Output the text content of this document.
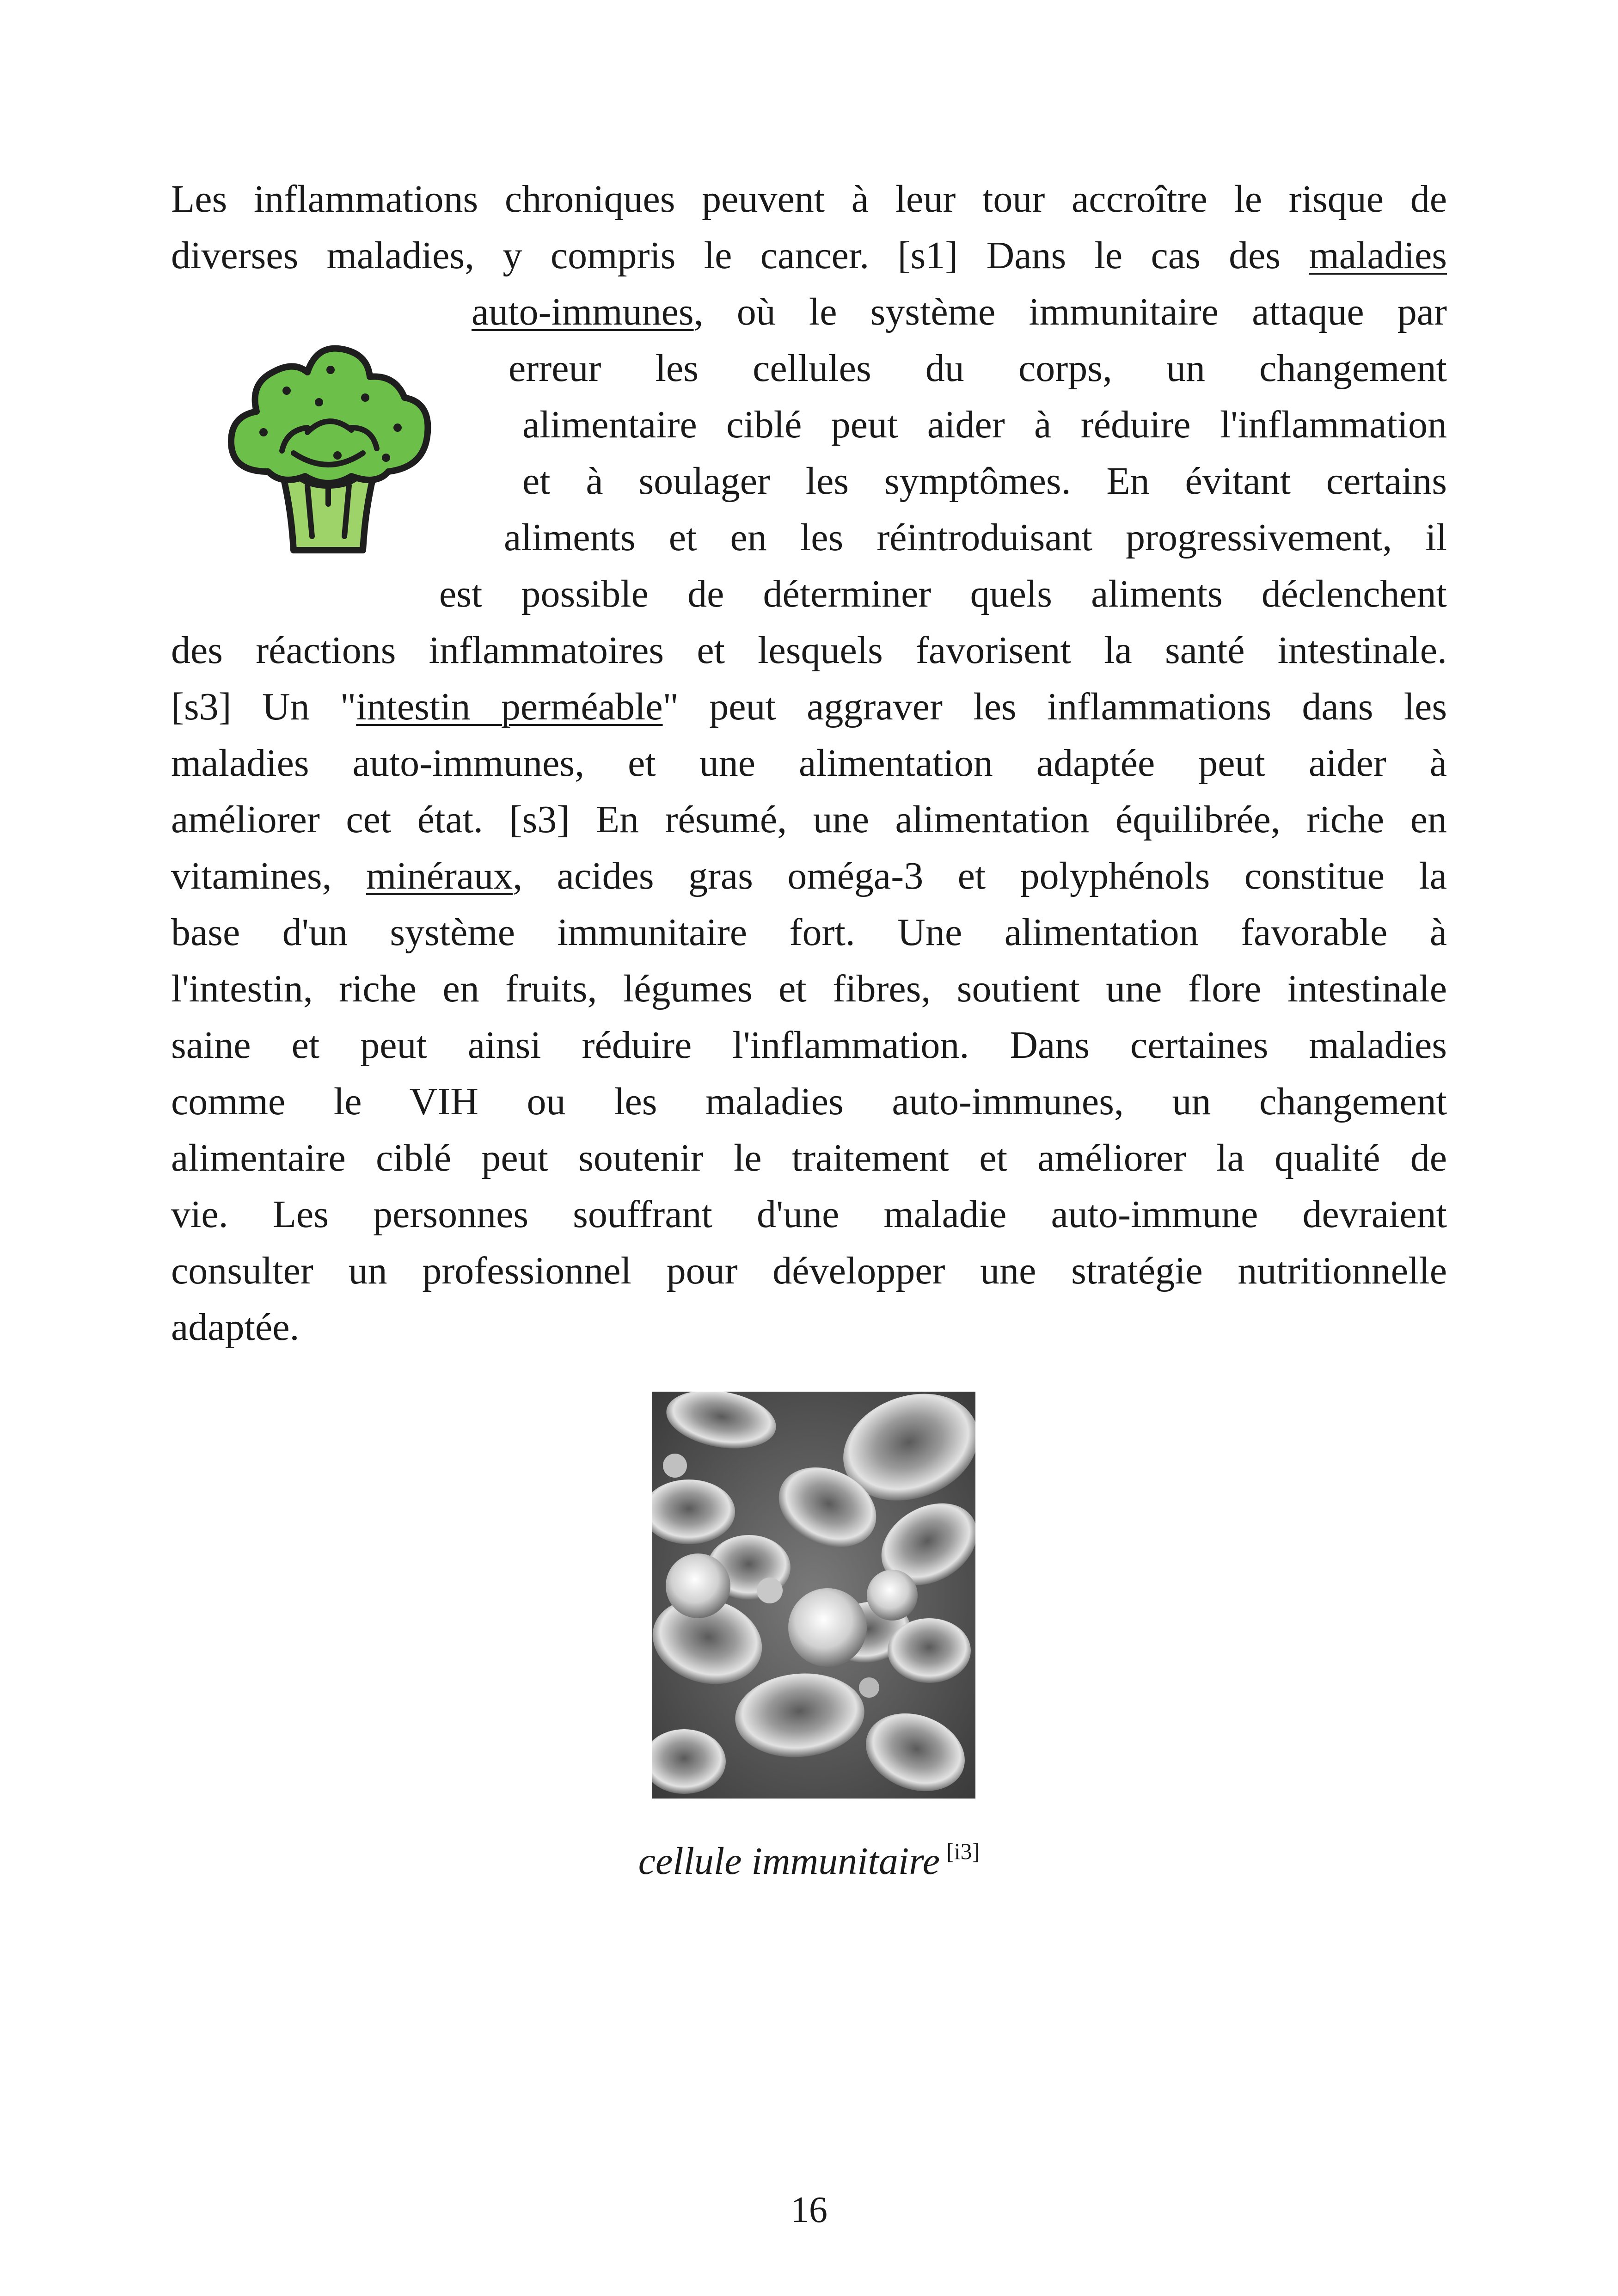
Les inflammations chroniques peuvent à leur tour accroître le risque de
diverses maladies, y compris le cancer. [s1] Dans le cas des maladies
auto-immunes, où le système immunitaire attaque par
erreur les cellules du corps, un changement
alimentaire ciblé peut aider à réduire l'inflammation
et à soulager les symptômes. En évitant certains
aliments et en les réintroduisant progressivement, il
est possible de déterminer quels aliments déclenchent
des réactions inflammatoires et lesquels favorisent la santé intestinale.
[s3] Un "intestin perméable" peut aggraver les inflammations dans les
maladies auto-immunes, et une alimentation adaptée peut aider à
améliorer cet état. [s3] En résumé, une alimentation équilibrée, riche en
vitamines, minéraux, acides gras oméga-3 et polyphénols constitue la
base d'un système immunitaire fort. Une alimentation favorable à
l'intestin, riche en fruits, légumes et fibres, soutient une flore intestinale
saine et peut ainsi réduire l'inflammation. Dans certaines maladies
comme le VIH ou les maladies auto-immunes, un changement
alimentaire ciblé peut soutenir le traitement et améliorer la qualité de
vie. Les personnes souffrant d'une maladie auto-immune devraient
consulter un professionnel pour développer une stratégie nutritionnelle
adaptée.
cellule immunitaire [i3]
16
